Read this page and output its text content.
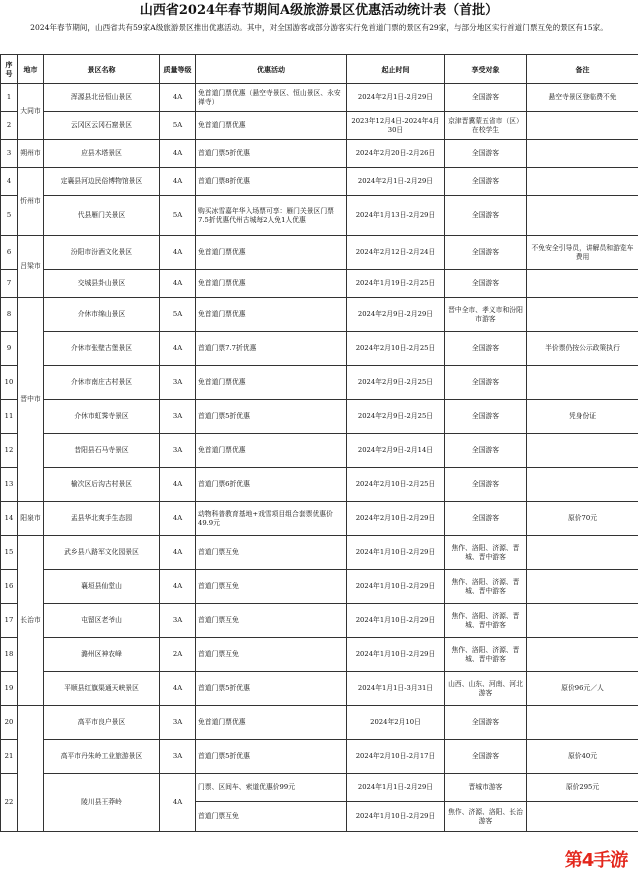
山西省2024年春节期间A级旅游景区优惠活动统计表（首批）
2024年春节期间，山西省共有59家A级旅游景区推出优惠活动。其中，对全国游客或部分游客实行免首道门票的景区有29家，与部分地区实行首道门票互免的景区有15家。
序号	地市	景区名称	质量等级	优惠活动	起止时间	享受对象	备注
1	大同市	浑源县北岳恒山景区	4A	免首道门票优惠（悬空寺景区、恒山景区、永安禅寺）	2024年2月1日-2月29日	全国游客	悬空寺景区登临费不免
2		云冈区云冈石窟景区	5A	免首道门票优惠	2023年12月4日-2024年4月30日	京津晋冀蒙五省市（区）在校学生	
3	朔州市	应县木塔景区	4A	首道门票5折优惠	2024年2月20日-2月26日	全国游客	
4	忻州市	定襄县河边民俗博物馆景区	4A	首道门票8折优惠	2024年2月1日-2月29日	全国游客	
5		代县雁门关景区	5A	购买冰雪嘉年华入场票可享：雁门关景区门票7.5折优惠代州古城每2人免1人优惠	2024年1月13日-2月29日	全国游客	
6	吕梁市	汾阳市汾酒文化景区	4A	免首道门票优惠	2024年2月12日-2月24日	全国游客	不免安全引导员，讲解员和游览车费用
7		交城县卦山景区	4A	免首道门票优惠	2024年1月19日-2月25日	全国游客	
8	晋中市	介休市绵山景区	5A	免首道门票优惠	2024年2月9日-2月29日	晋中全市、孝义市和汾阳市游客	
9		介休市张壁古堡景区	4A	首道门票7.7折优惠	2024年2月10日-2月25日	全国游客	半价票仍按公示政策执行
10		介休市南庄古村景区	3A	免首道门票优惠	2024年2月9日-2月25日	全国游客	
11		介休市虹霁寺景区	3A	首道门票5折优惠	2024年2月9日-2月25日	全国游客	凭身份证
12		昔阳县石马寺景区	3A	免首道门票优惠	2024年2月9日-2月14日	全国游客	
13		榆次区后沟古村景区	4A	首道门票6折优惠	2024年2月10日-2月25日	全国游客	
14	阳泉市	盂县华北爽手生态园	4A	动物科普教育基地+戏雪项目组合套票优惠价49.9元	2024年2月10日-2月29日	全国游客	原价70元
15	长治市	武乡县八路军文化园景区	4A	首道门票互免	2024年1月10日-2月29日	焦作、洛阳、济源、晋城、晋中游客	
16		襄垣县仙堂山	4A	首道门票互免	2024年1月10日-2月29日	焦作、洛阳、济源、晋城、晋中游客	
17		屯留区老爷山	3A	首道门票互免	2024年1月10日-2月29日	焦作、洛阳、济源、晋城、晋中游客	
18		潞州区神农峰	2A	首道门票互免	2024年1月10日-2月29日	焦作、洛阳、济源、晋城、晋中游客	
19		平顺县红旗渠通天峡景区	4A	首道门票5折优惠	2024年1月1日-3月31日	山西、山东、河南、河北游客	原价96元／人
20		高平市良户景区	3A	免首道门票优惠	2024年2月10日	全国游客	
21		高平市丹朱岭工业旅游景区	3A	首道门票5折优惠	2024年2月10日-2月17日	全国游客	原价40元
22		陵川县王莽岭	4A	门票、区间车、索道优惠价99元	2024年1月1日-2月29日	晋城市游客	原价295元
				首道门票互免	2024年1月10日-2月29日	焦作、济源、洛阳、长治游客	
第4手游
